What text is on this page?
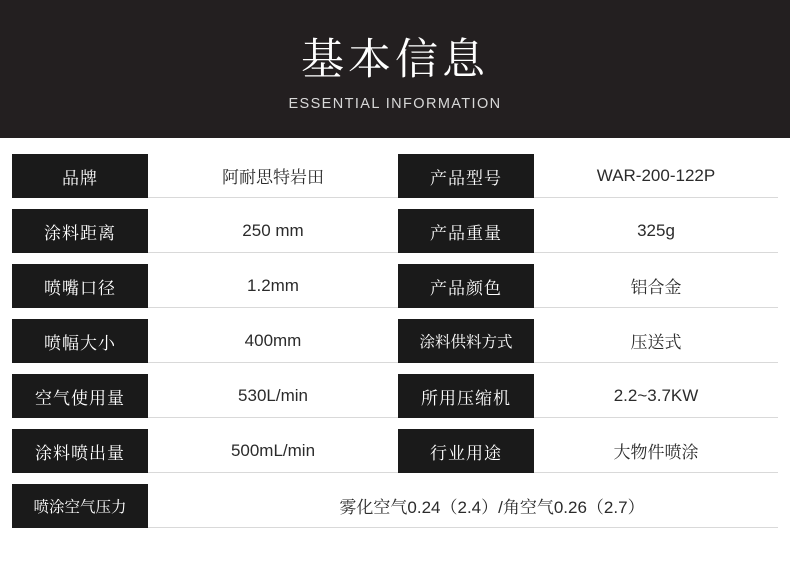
基本信息
ESSENTIAL INFORMATION
品牌	阿耐思特岩田	产品型号	WAR-200-122P
涂料距离	250 mm	产品重量	325g
喷嘴口径	1.2mm	产品颜色	铝合金
喷幅大小	400mm	涂料供料方式	压送式
空气使用量	530L/min	所用压缩机	2.2~3.7KW
涂料喷出量	500mL/min	行业用途	大物件喷涂
喷涂空气压力	雾化空气0.24（2.4）/角空气0.26（2.7）
